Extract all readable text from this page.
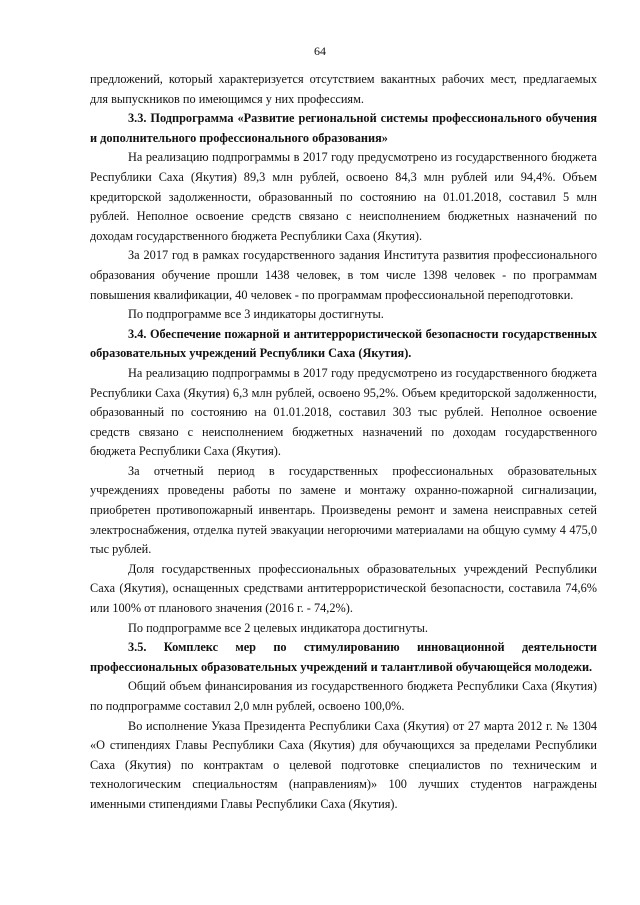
64

предложений, который характеризуется отсутствием вакантных рабочих мест, предлагаемых для выпускников по имеющимся у них профессиям.

3.3. Подпрограмма «Развитие региональной системы профессионального обучения и дополнительного профессионального образования»

На реализацию подпрограммы в 2017 году предусмотрено из государственного бюджета Республики Саха (Якутия) 89,3 млн рублей, освоено 84,3 млн рублей или 94,4%. Объем кредиторской задолженности, образованный по состоянию на 01.01.2018, составил 5 млн рублей. Неполное освоение средств связано с неисполнением бюджетных назначений по доходам государственного бюджета Республики Саха (Якутия).

За 2017 год в рамках государственного задания Института развития профессионального образования обучение прошли 1438 человек, в том числе 1398 человек - по программам повышения квалификации, 40 человек - по программам профессиональной переподготовки.

По подпрограмме все 3 индикаторы достигнуты.

3.4. Обеспечение пожарной и антитеррористической безопасности государственных образовательных учреждений Республики Саха (Якутия).

На реализацию подпрограммы в 2017 году предусмотрено из государственного бюджета Республики Саха (Якутия) 6,3 млн рублей, освоено 95,2%. Объем кредиторской задолженности, образованный по состоянию на 01.01.2018, составил 303 тыс рублей. Неполное освоение средств связано с неисполнением бюджетных назначений по доходам государственного бюджета Республики Саха (Якутия).

За отчетный период в государственных профессиональных образовательных учреждениях проведены работы по замене и монтажу охранно-пожарной сигнализации, приобретен противопожарный инвентарь. Произведены ремонт и замена неисправных сетей электроснабжения, отделка путей эвакуации негорючими материалами на общую сумму 4 475,0 тыс рублей.

Доля государственных профессиональных образовательных учреждений Республики Саха (Якутия), оснащенных средствами антитеррористической безопасности, составила 74,6% или 100% от планового значения (2016 г. - 74,2%).

По подпрограмме все 2 целевых индикатора достигнуты.

3.5. Комплекс мер по стимулированию инновационной деятельности профессиональных образовательных учреждений и талантливой обучающейся молодежи.

Общий объем финансирования из государственного бюджета Республики Саха (Якутия) по подпрограмме составил 2,0 млн рублей, освоено 100,0%.

Во исполнение Указа Президента Республики Саха (Якутия) от 27 марта 2012 г. № 1304 «О стипендиях Главы Республики Саха (Якутия) для обучающихся за пределами Республики Саха (Якутия) по контрактам о целевой подготовке специалистов по техническим и технологическим специальностям (направлениям)» 100 лучших студентов награждены именными стипендиями Главы Республики Саха (Якутия).
